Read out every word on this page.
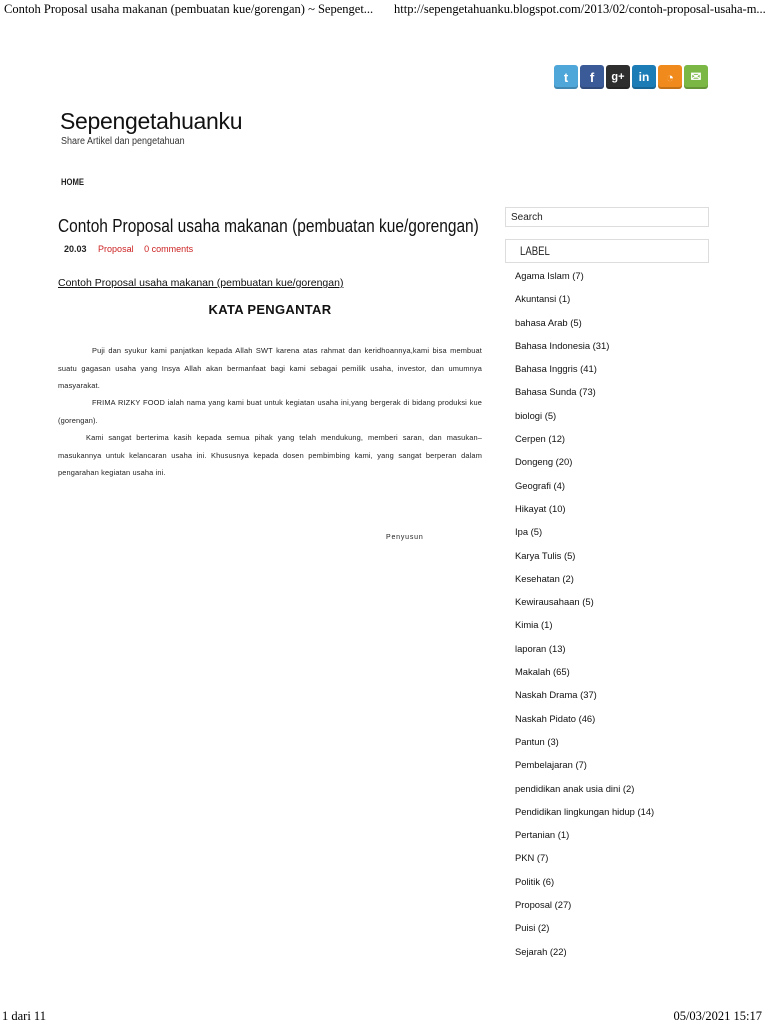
Contoh Proposal usaha makanan (pembuatan kue/gorengan) ~ Sepenget... http://sepengetahuanku.blogspot.com/2013/02/contoh-proposal-usaha-m...
t	f	g+	in	◔	✉
Sepengetahuanku
Share Artikel dan pengetahuan
HOME
Contoh Proposal usaha makanan (pembuatan kue/gorengan)
20.03 Proposal 0 comments
Contoh Proposal usaha makanan (pembuatan kue/gorengan)
KATA PENGANTAR
Puji dan syukur kami panjatkan kepada Allah SWT karena atas rahmat dan keridhoannya,kami bisa membuat suatu gagasan usaha yang Insya Allah akan bermanfaat bagi kami sebagai pemilik usaha, investor, dan umumnya masyarakat.
FRIMA RIZKY FOOD ialah nama yang kami buat untuk kegiatan usaha ini,yang bergerak di bidang produksi kue (gorengan).
Kami sangat berterima kasih kepada semua pihak yang telah mendukung, memberi saran, dan masukan–masukannya untuk kelancaran usaha ini. Khususnya kepada dosen pembimbing kami, yang sangat berperan dalam pengarahan kegiatan usaha ini.
Penyusun
Search
LABEL
Agama Islam (7)
Akuntansi (1)
bahasa Arab (5)
Bahasa Indonesia (31)
Bahasa Inggris (41)
Bahasa Sunda (73)
biologi (5)
Cerpen (12)
Dongeng (20)
Geografi (4)
Hikayat (10)
Ipa (5)
Karya Tulis (5)
Kesehatan (2)
Kewirausahaan (5)
Kimia (1)
laporan (13)
Makalah (65)
Naskah Drama (37)
Naskah Pidato (46)
Pantun (3)
Pembelajaran (7)
pendidikan anak usia dini (2)
Pendidikan lingkungan hidup (14)
Pertanian (1)
PKN (7)
Politik (6)
Proposal (27)
Puisi (2)
Sejarah (22)
1 dari 11	05/03/2021 15:17
